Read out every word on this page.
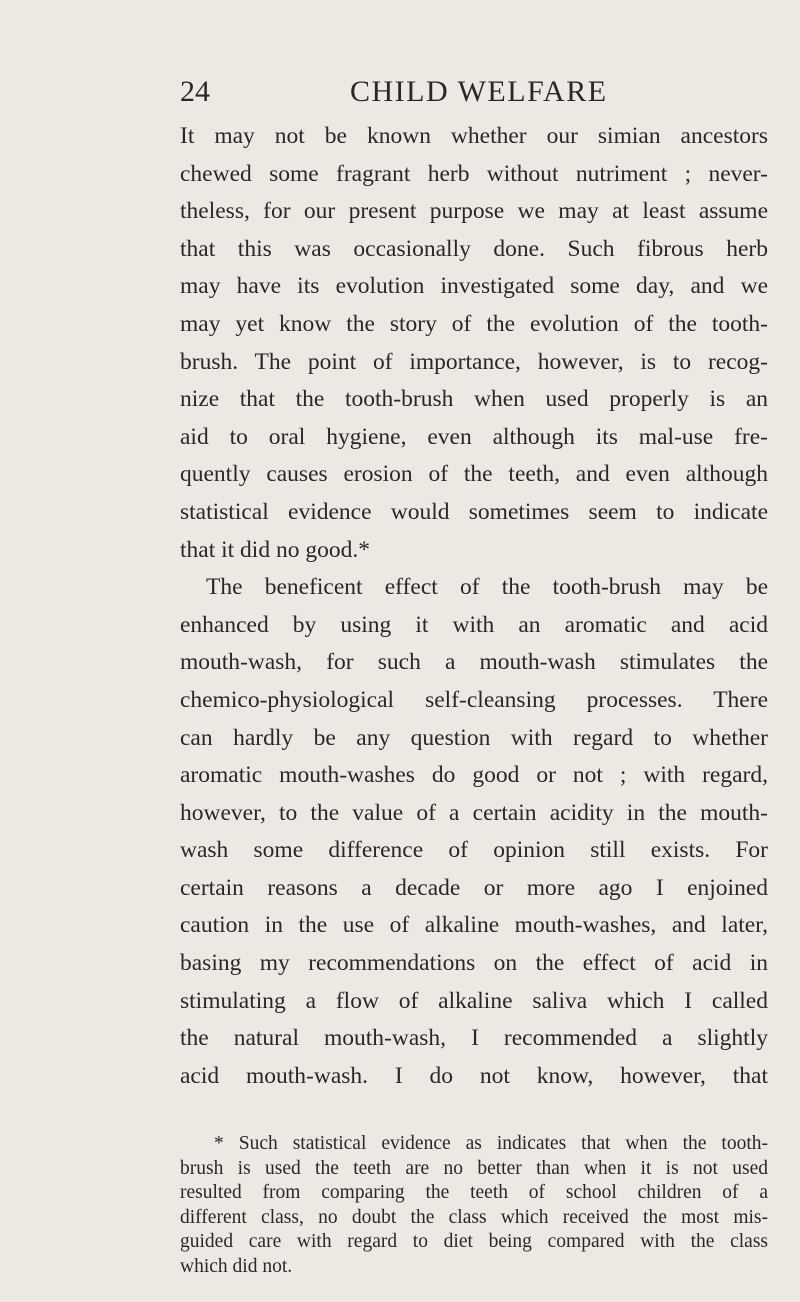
24	CHILD WELFARE
It may not be known whether our simian ancestors
chewed some fragrant herb without nutriment ; never-
theless, for our present purpose we may at least assume
that this was occasionally done. Such fibrous herb
may have its evolution investigated some day, and we
may yet know the story of the evolution of the tooth-
brush. The point of importance, however, is to recog-
nize that the tooth-brush when used properly is an
aid to oral hygiene, even although its mal-use fre-
quently causes erosion of the teeth, and even although
statistical evidence would sometimes seem to indicate
that it did no good.*
The beneficent effect of the tooth-brush may be
enhanced by using it with an aromatic and acid
mouth-wash, for such a mouth-wash stimulates the
chemico-physiological self-cleansing processes. There
can hardly be any question with regard to whether
aromatic mouth-washes do good or not ; with regard,
however, to the value of a certain acidity in the mouth-
wash some difference of opinion still exists. For
certain reasons a decade or more ago I enjoined
caution in the use of alkaline mouth-washes, and later,
basing my recommendations on the effect of acid in
stimulating a flow of alkaline saliva which I called
the natural mouth-wash, I recommended a slightly
acid mouth-wash. I do not know, however, that
* Such statistical evidence as indicates that when the tooth-
brush is used the teeth are no better than when it is not used
resulted from comparing the teeth of school children of a
different class, no doubt the class which received the most mis-
guided care with regard to diet being compared with the class
which did not.
